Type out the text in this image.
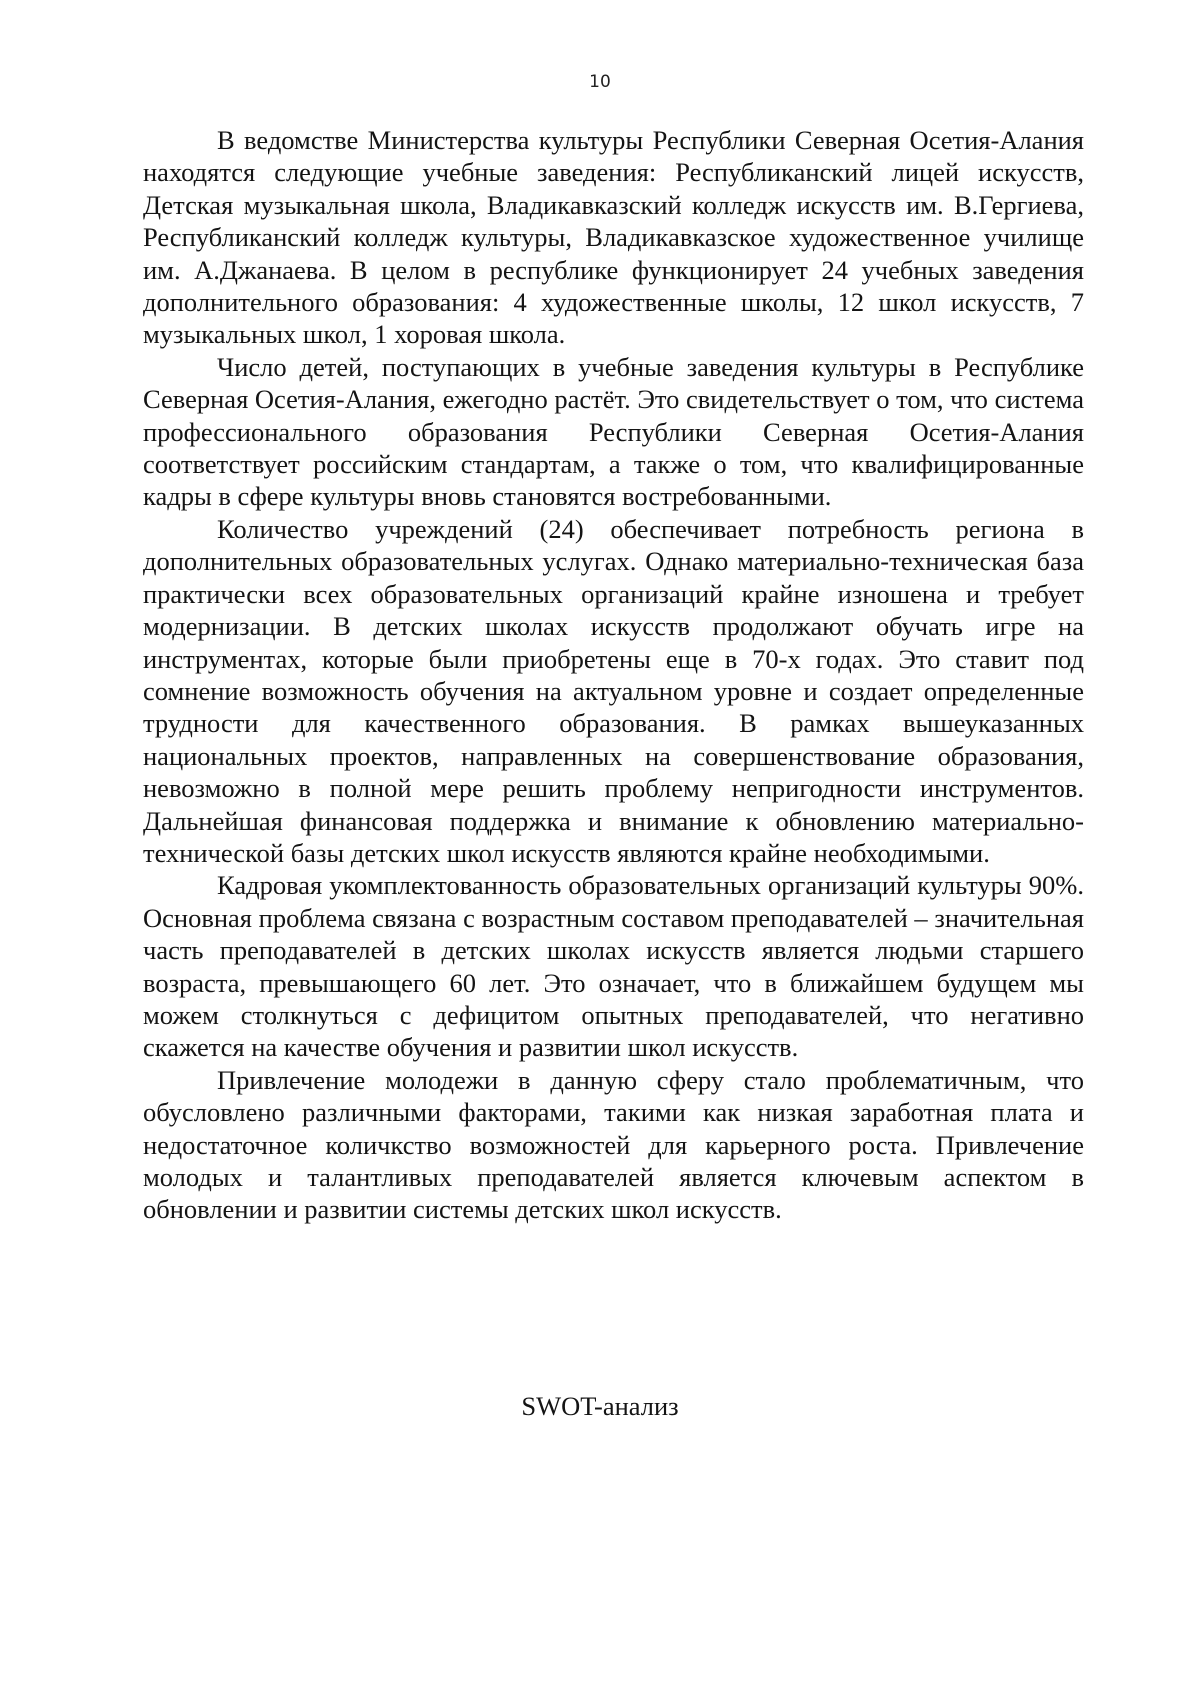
10

В ведомстве Министерства культуры Республики Северная Осетия-Алания находятся следующие учебные заведения: Республиканский лицей искусств, Детская музыкальная школа, Владикавказский колледж искусств им. В.Гергиева, Республиканский колледж культуры, Владикавказское художественное училище им. А.Джанаева. В целом в республике функционирует 24 учебных заведения дополнительного образования: 4 художественные школы, 12 школ искусств, 7 музыкальных школ, 1 хоровая школа.

Число детей, поступающих в учебные заведения культуры в Республике Северная Осетия-Алания, ежегодно растёт. Это свидетельствует о том, что система профессионального образования Республики Северная Осетия-Алания соответствует российским стандартам, а также о том, что квалифицированные кадры в сфере культуры вновь становятся востребованными.

Количество учреждений (24) обеспечивает потребность региона в дополнительных образовательных услугах. Однако материально-техническая база практически всех образовательных организаций крайне изношена и требует модернизации. В детских школах искусств продолжают обучать игре на инструментах, которые были приобретены еще в 70-х годах. Это ставит под сомнение возможность обучения на актуальном уровне и создает определенные трудности для качественного образования. В рамках вышеуказанных национальных проектов, направленных на совершенствование образования, невозможно в полной мере решить проблему непригодности инструментов. Дальнейшая финансовая поддержка и внимание к обновлению материально-технической базы детских школ искусств являются крайне необходимыми.

Кадровая укомплектованность образовательных организаций культуры 90%. Основная проблема связана с возрастным составом преподавателей – значительная часть преподавателей в детских школах искусств является людьми старшего возраста, превышающего 60 лет. Это означает, что в ближайшем будущем мы можем столкнуться с дефицитом опытных преподавателей, что негативно скажется на качестве обучения и развитии школ искусств.

Привлечение молодежи в данную сферу стало проблематичным, что обусловлено различными факторами, такими как низкая заработная плата и недостаточное количкство возможностей для карьерного роста. Привлечение молодых и талантливых преподавателей является ключевым аспектом в обновлении и развитии системы детских школ искусств.

SWOT-анализ
